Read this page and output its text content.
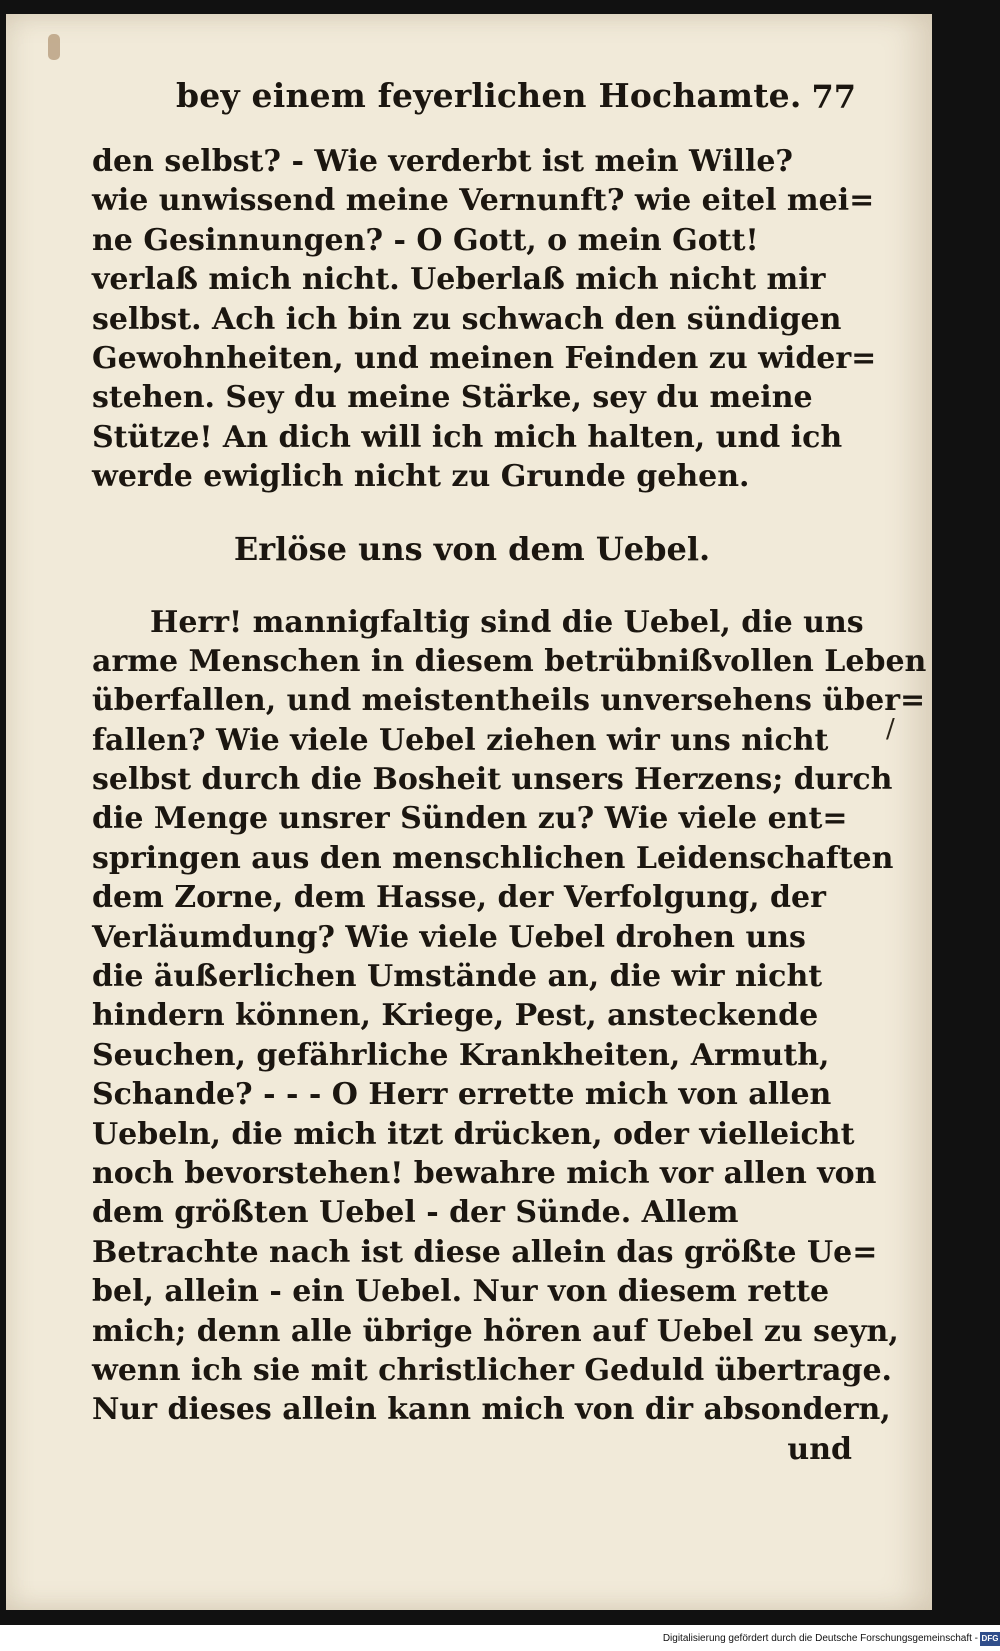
bey einem feyerlichen Hochamte. 77
den selbst? - Wie verderbt ist mein Wille?
wie unwissend meine Vernunft? wie eitel mei=
ne Gesinnungen? - O Gott, o mein Gott!
verlaß mich nicht. Ueberlaß mich nicht mir
selbst. Ach ich bin zu schwach den sündigen
Gewohnheiten, und meinen Feinden zu wider=
stehen. Sey du meine Stärke, sey du meine
Stütze! An dich will ich mich halten, und ich
werde ewiglich nicht zu Grunde gehen.
Erlöse uns von dem Uebel.
Herr! mannigfaltig sind die Uebel, die uns
arme Menschen in diesem betrübnißvollen Leben
überfallen, und meistentheils unversehens über=
fallen? Wie viele Uebel ziehen wir uns nicht
selbst durch die Bosheit unsers Herzens; durch
die Menge unsrer Sünden zu? Wie viele ent=
springen aus den menschlichen Leidenschaften
dem Zorne, dem Hasse, der Verfolgung, der
Verläumdung? Wie viele Uebel drohen uns
die äußerlichen Umstände an, die wir nicht
hindern können, Kriege, Pest, ansteckende
Seuchen, gefährliche Krankheiten, Armuth,
Schande? - - - O Herr errette mich von allen
Uebeln, die mich itzt drücken, oder vielleicht
noch bevorstehen! bewahre mich vor allen von
dem größten Uebel - der Sünde. Allem
Betrachte nach ist diese allein das größte Ue=
bel, allein - ein Uebel. Nur von diesem rette
mich; denn alle übrige hören auf Uebel zu seyn,
wenn ich sie mit christlicher Geduld übertrage.
Nur dieses allein kann mich von dir absondern,
und
/
Digitalisierung gefördert durch die Deutsche Forschungsgemeinschaft - DFG
